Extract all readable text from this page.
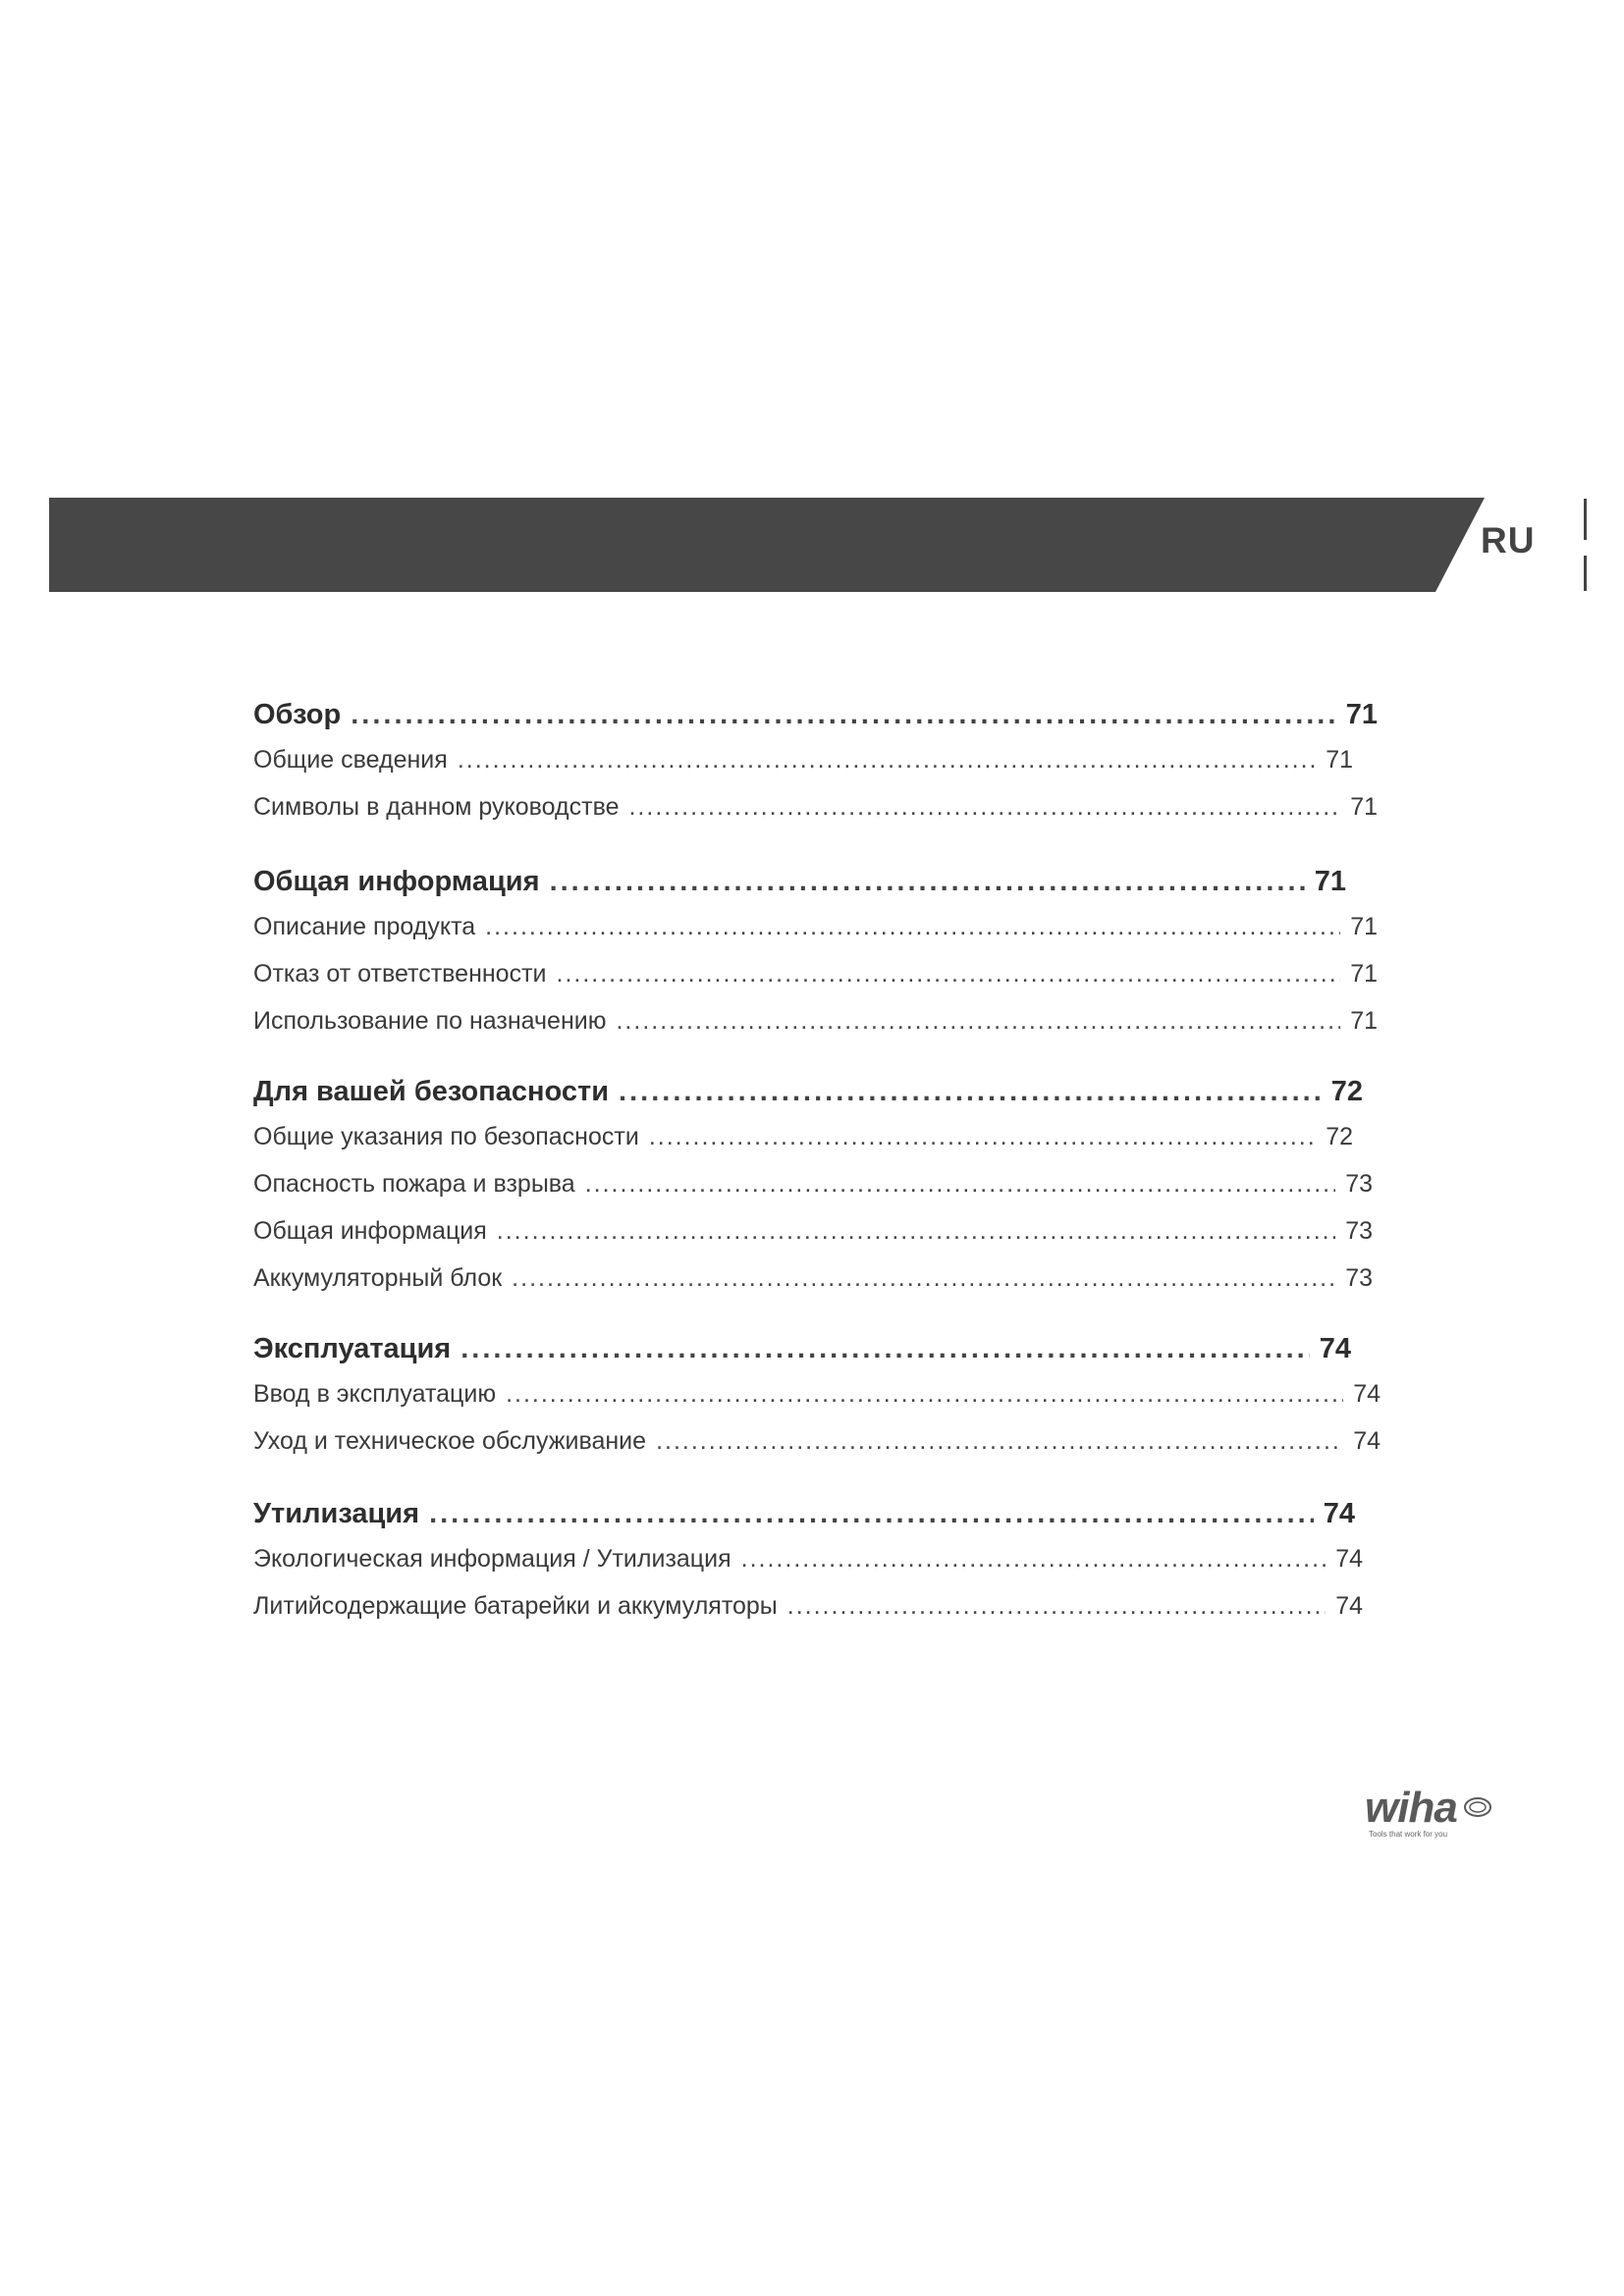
RU
Обзор .....	71
Общие сведения .....	71
Символы в данном руководстве .....	71
Общая информация .....	71
Описание продукта .....	71
Отказ от ответственности .....	71
Использование по назначению .....	71
Для вашей безопасности .....	72
Общие указания по безопасности .....	72
Опасность пожара и взрыва .....	73
Общая информация .....	73
Аккумуляторный блок .....	73
Эксплуатация .....	74
Ввод в эксплуатацию .....	74
Уход и техническое обслуживание .....	74
Утилизация .....	74
Экологическая информация / Утилизация .....	74
Литийсодержащие батарейки и аккумуляторы .....	74
wiha
Tools that work for you
